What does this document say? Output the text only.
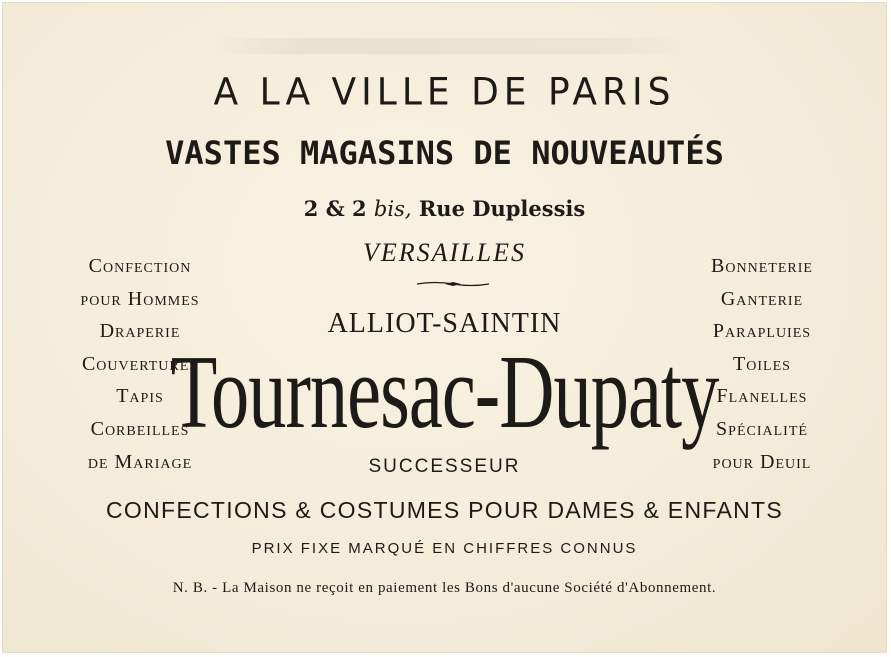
A LA VILLE DE PARIS
VASTES MAGASINS DE NOUVEAUTÉS
2 & 2 bis, Rue Duplessis
VERSAILLES
Confection
pour Hommes
Draperie
Couvertures
Tapis
Corbeilles
de Mariage
Bonneterie
Ganterie
Parapluies
Toiles
Flanelles
Spécialité
pour Deuil
ALLIOT-SAINTIN
Tournesac-Dupaty
SUCCESSEUR
CONFECTIONS & COSTUMES POUR DAMES & ENFANTS
PRIX FIXE MARQUÉ EN CHIFFRES CONNUS
N. B. - La Maison ne reçoit en paiement les Bons d'aucune Société d'Abonnement.
